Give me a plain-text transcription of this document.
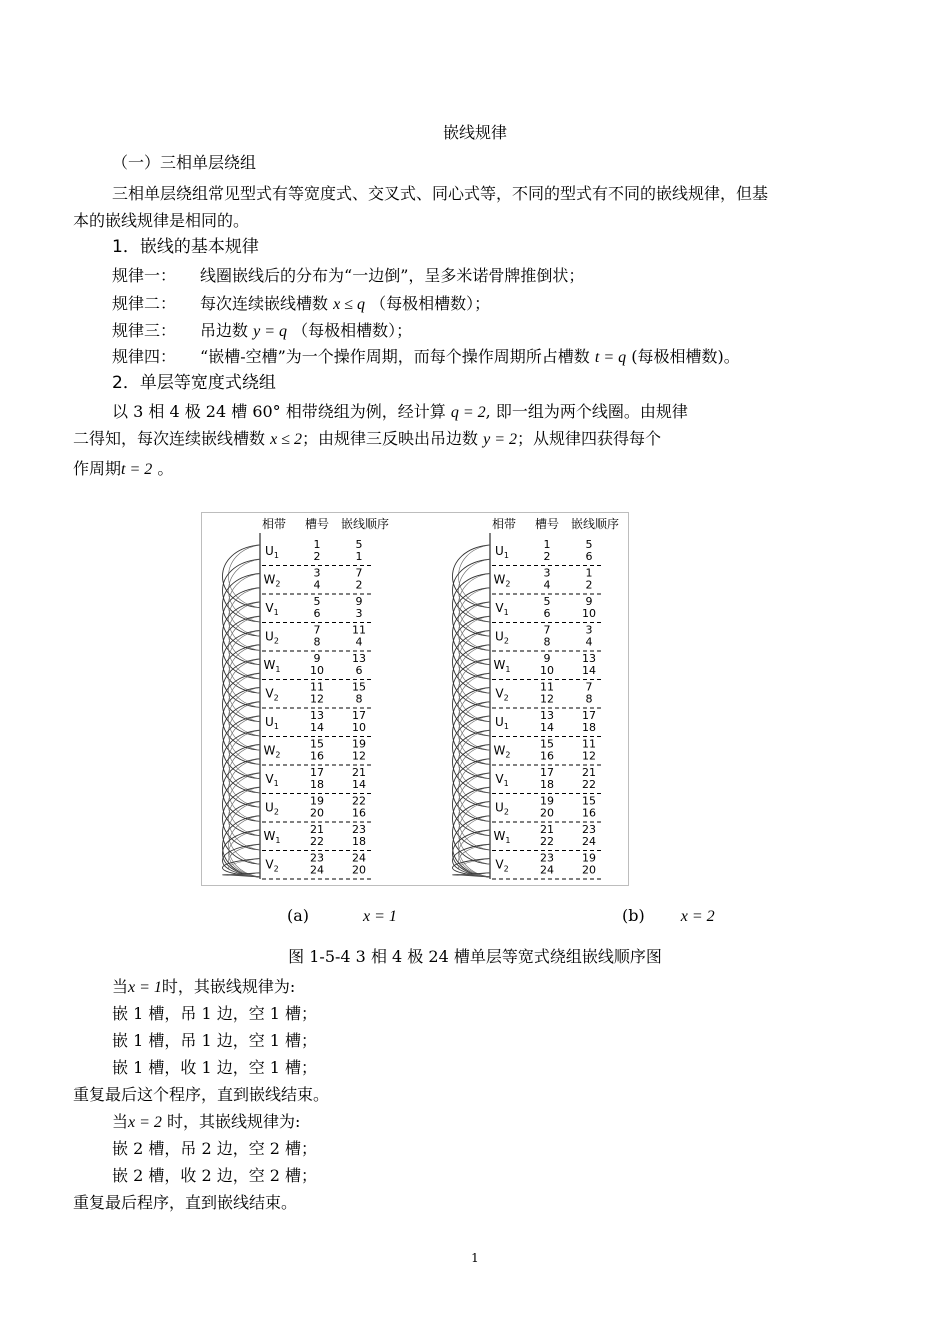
嵌线规律
（一）三相单层绕组
三相单层绕组常见型式有等宽度式、交叉式、同心式等，不同的型式有不同的嵌线规律，但基
本的嵌线规律是相同的。
1．嵌线的基本规律
规律一： 线圈嵌线后的分布为“一边倒”，呈多米诺骨牌推倒状；
规律二： 每次连续嵌线槽数 x ≤ q （每极相槽数）；
规律三： 吊边数 y = q （每极相槽数）；
规律四： “嵌槽-空槽”为一个操作周期，而每个操作周期所占槽数 t = q (每极相槽数)。
2．单层等宽度式绕组
以 3 相 4 极 24 槽 60° 相带绕组为例，经计算 q = 2, 即一组为两个线圈。由规律
二得知，每次连续嵌线槽数 x ≤ 2；由规律三反映出吊边数 y = 2；从规律四获得每个
作周期t = 2 。
相带 槽号 嵌线顺序
$U_1$
1
2
5
1
$W_2$
3
4
7
2
$V_1$
5
6
9
3
$U_2$
7
8
11
4
$W_1$
9
10
13
6
$V_2$
11
12
15
8
$U_1$
13
14
17
10
$W_2$
15
16
19
12
$V_1$
17
18
21
14
$U_2$
19
20
22
16
$W_1$
21
22
23
18
$V_2$
23
24
24
20
相带 槽号 嵌线顺序
$U_1$
1
2
5
6
$W_2$
3
4
1
2
$V_1$
5
6
9
10
$U_2$
7
8
3
4
$W_1$
9
10
13
14
$V_2$
11
12
7
8
$U_1$
13
14
17
18
$W_2$
15
16
11
12
$V_1$
17
18
21
22
$U_2$
19
20
15
16
$W_1$
21
22
23
24
$V_2$
23
24
19
20
(a)	x = 1	(b) x = 2
图 1-5-4 3 相 4 极 24 槽单层等宽式绕组嵌线顺序图
当x = 1时，其嵌线规律为:
嵌 1 槽，吊 1 边，空 1 槽；
嵌 1 槽，吊 1 边，空 1 槽；
嵌 1 槽，收 1 边，空 1 槽；
重复最后这个程序，直到嵌线结束。
当x = 2 时，其嵌线规律为:
嵌 2 槽，吊 2 边，空 2 槽；
嵌 2 槽，收 2 边，空 2 槽；
重复最后程序，直到嵌线结束。
1
